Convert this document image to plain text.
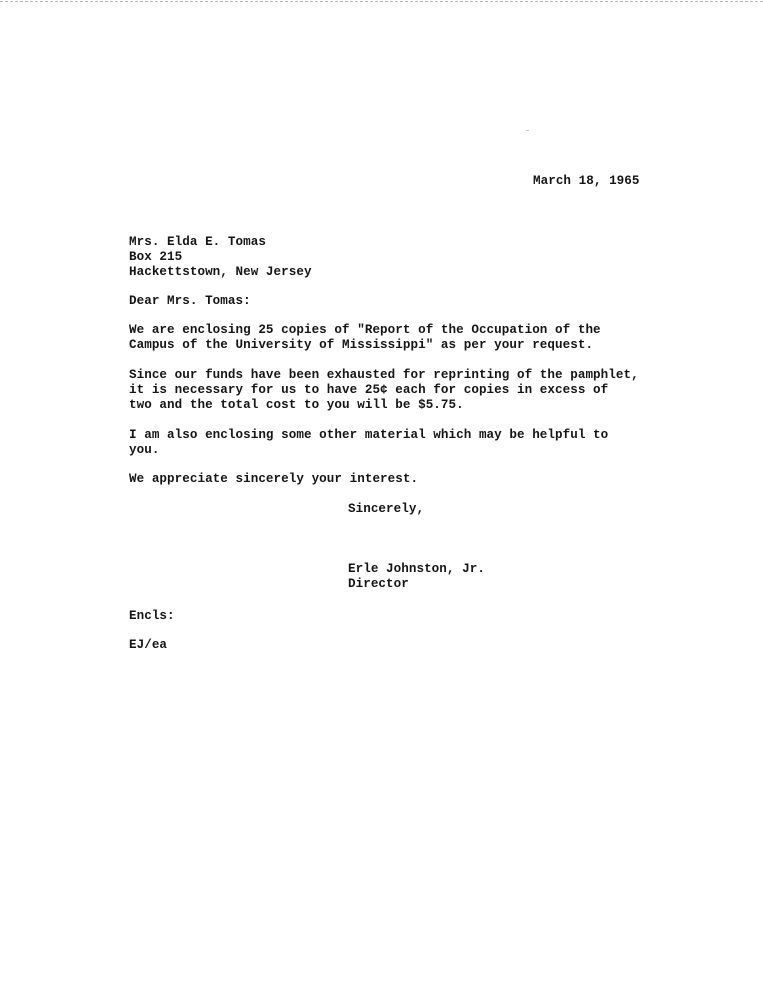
March 18, 1965
Mrs. Elda E. Tomas
Box 215
Hackettstown, New Jersey
Dear Mrs. Tomas:
We are enclosing 25 copies of "Report of the Occupation of the
Campus of the University of Mississippi" as per your request.
Since our funds have been exhausted for reprinting of the pamphlet,
it is necessary for us to have 25¢ each for copies in excess of
two and the total cost to you will be $5.75.
I am also enclosing some other material which may be helpful to
you.
We appreciate sincerely your interest.
Sincerely,
Erle Johnston, Jr.
Director
Encls:
EJ/ea
